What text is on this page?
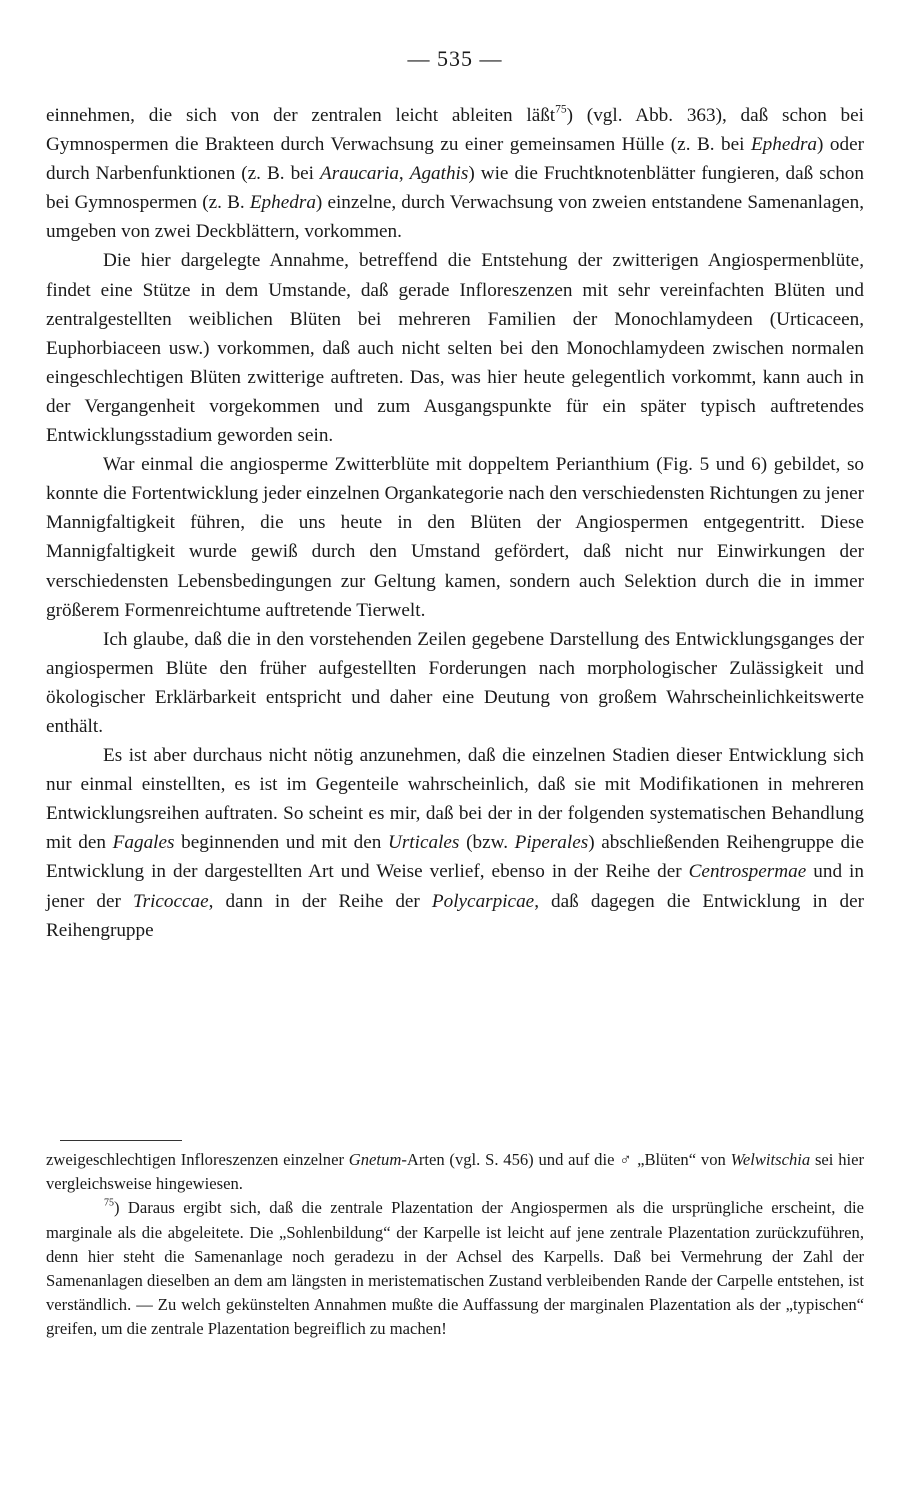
— 535 —

einnehmen, die sich von der zentralen leicht ableiten läßt$^{75}$) (vgl. Abb. 363), daß schon bei Gymnospermen die Brakteen durch Verwachsung zu einer gemeinsamen Hülle (z. B. bei Ephedra) oder durch Narbenfunktionen (z. B. bei Araucaria, Agathis) wie die Fruchtknotenblätter fungieren, daß schon bei Gymnospermen (z. B. Ephedra) einzelne, durch Verwachsung von zweien entstandene Samenanlagen, umgeben von zwei Deckblättern, vorkommen.

Die hier dargelegte Annahme, betreffend die Entstehung der zwitterigen Angiospermenblüte, findet eine Stütze in dem Umstande, daß gerade Infloreszenzen mit sehr vereinfachten Blüten und zentralgestellten weiblichen Blüten bei mehreren Familien der Monochlamydeen (Urticaceen, Euphorbiaceen usw.) vorkommen, daß auch nicht selten bei den Monochlamydeen zwischen normalen eingeschlechtigen Blüten zwitterige auftreten. Das, was hier heute gelegentlich vorkommt, kann auch in der Vergangenheit vorgekommen und zum Ausgangspunkte für ein später typisch auftretendes Entwicklungsstadium geworden sein.

War einmal die angiosperme Zwitterblüte mit doppeltem Perianthium (Fig. 5 und 6) gebildet, so konnte die Fortentwicklung jeder einzelnen Organkategorie nach den verschiedensten Richtungen zu jener Mannigfaltigkeit führen, die uns heute in den Blüten der Angiospermen entgegentritt. Diese Mannigfaltigkeit wurde gewiß durch den Umstand gefördert, daß nicht nur Einwirkungen der verschiedensten Lebensbedingungen zur Geltung kamen, sondern auch Selektion durch die in immer größerem Formenreichtume auftretende Tierwelt.

Ich glaube, daß die in den vorstehenden Zeilen gegebene Darstellung des Entwicklungsganges der angiospermen Blüte den früher aufgestellten Forderungen nach morphologischer Zulässigkeit und ökologischer Erklärbarkeit entspricht und daher eine Deutung von großem Wahrscheinlichkeitswerte enthält.

Es ist aber durchaus nicht nötig anzunehmen, daß die einzelnen Stadien dieser Entwicklung sich nur einmal einstellten, es ist im Gegenteile wahrscheinlich, daß sie mit Modifikationen in mehreren Entwicklungsreihen auftraten. So scheint es mir, daß bei der in der folgenden systematischen Behandlung mit den Fagales beginnenden und mit den Urticales (bzw. Piperales) abschließenden Reihengruppe die Entwicklung in der dargestellten Art und Weise verlief, ebenso in der Reihe der Centrospermae und in jener der Tricoccae, dann in der Reihe der Polycarpicae, daß dagegen die Entwicklung in der Reihengruppe

zweigeschlechtigen Infloreszenzen einzelner Gnetum-Arten (vgl. S. 456) und auf die ♂ „Blüten“ von Welwitschia sei hier vergleichsweise hingewiesen.

$^{75}$) Daraus ergibt sich, daß die zentrale Plazentation der Angiospermen als die ursprüngliche erscheint, die marginale als die abgeleitete. Die „Sohlenbildung“ der Karpelle ist leicht auf jene zentrale Plazentation zurückzuführen, denn hier steht die Samenanlage noch geradezu in der Achsel des Karpells. Daß bei Vermehrung der Zahl der Samenanlagen dieselben an dem am längsten in meristematischen Zustand verbleibenden Rande der Carpelle entstehen, ist verständlich. — Zu welch gekünstelten Annahmen mußte die Auffassung der marginalen Plazentation als der „typischen“ greifen, um die zentrale Plazentation begreiflich zu machen!
